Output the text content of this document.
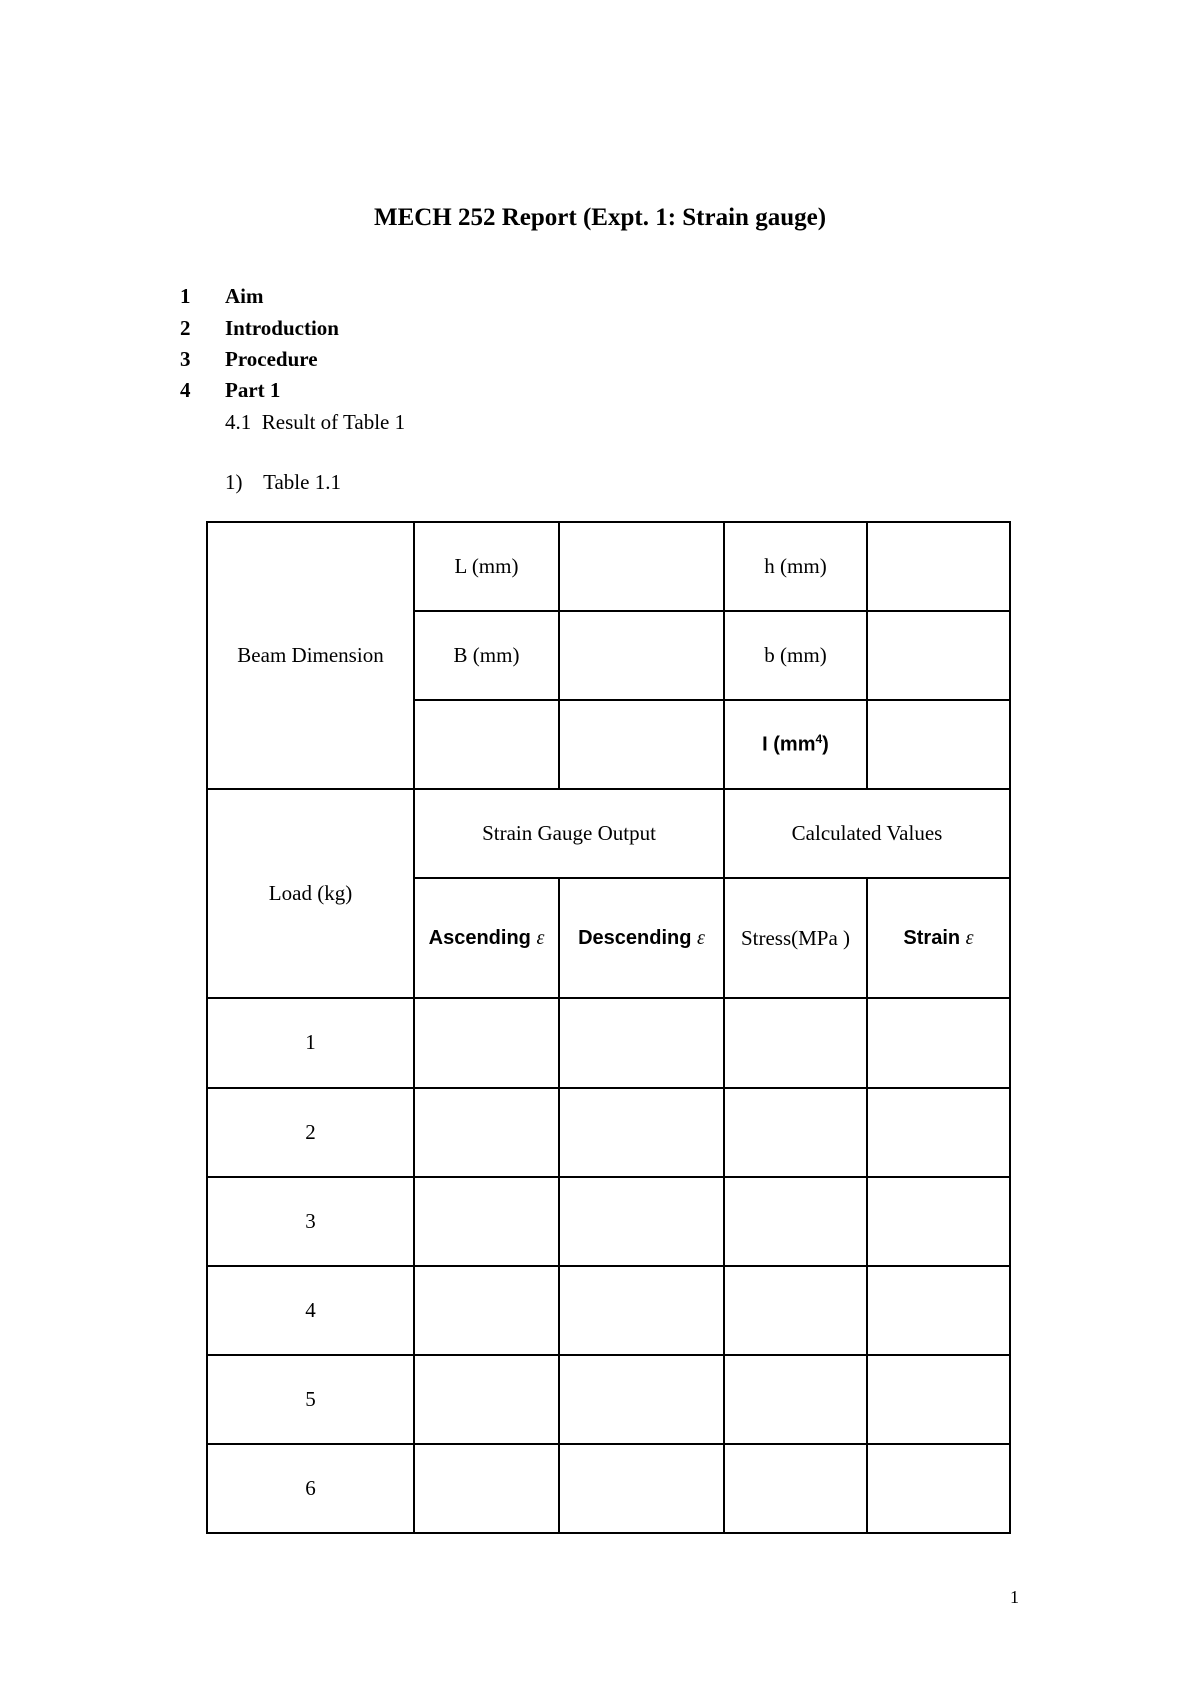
MECH 252 Report (Expt. 1: Strain gauge)
1 Aim
2 Introduction
3 Procedure
4 Part 1
4.1  Result of Table 1
1)    Table 1.1
Beam Dimension	L (mm)		h (mm)	
	B (mm)		b (mm)	
			I $(mm^4)$	
Load (kg)	Strain Gauge Output		Calculated Values	
	Ascending ε	Descending ε	Stress(MPa )	Strain ε
1				
2				
3				
4				
5				
6				
1
